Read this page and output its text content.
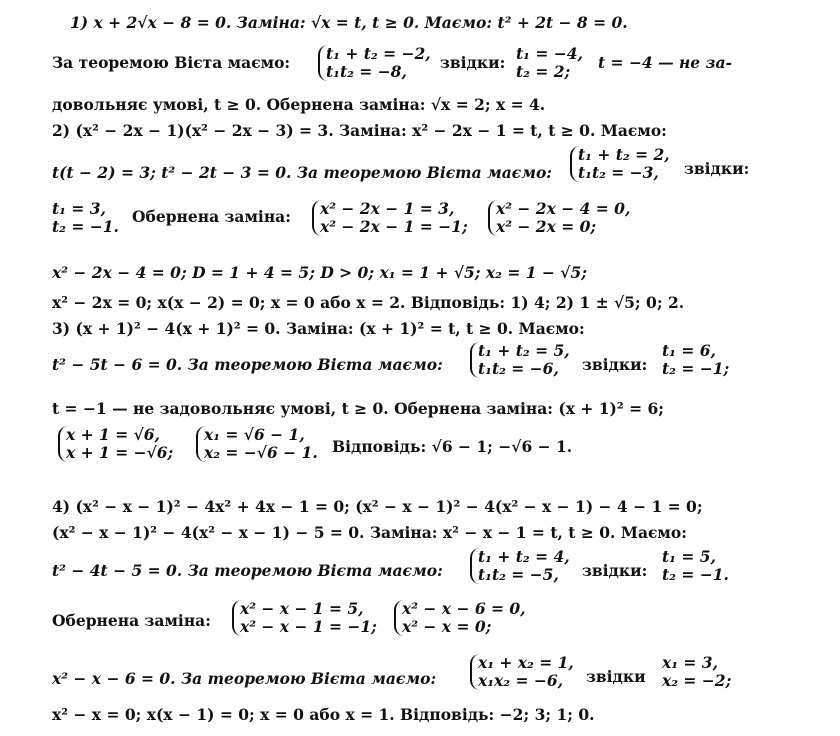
1) x + 2√x − 8 = 0. Заміна: √x = t, t ≥ 0. Маємо: t² + 2t − 8 = 0.
За теоремою Вієта маємо: t₁ + t₂ = −2,
t₁t₂ = −8,	звідки: t₁ = −4,
t₂ = 2;	t = −4 — не за-
довольняє умові, t ≥ 0. Обернена заміна: √x = 2; x = 4.
2) (x² − 2x − 1)(x² − 2x − 3) = 3. Заміна: x² − 2x − 1 = t, t ≥ 0. Маємо:
t(t − 2) = 3; t² − 2t − 3 = 0. За теоремою Вієта маємо:
t₁ + t₂ = 2,
t₁t₂ = −3,	звідки:
t₁ = 3,
t₂ = −1.
Обернена заміна: x² − 2x − 1 = 3,
x² − 2x − 1 = −1;
x² − 2x − 4 = 0,
x² − 2x = 0;
x² − 2x − 4 = 0; D = 1 + 4 = 5; D > 0; x₁ = 1 + √5; x₂ = 1 − √5;
x² − 2x = 0; x(x − 2) = 0; x = 0 або x = 2. Відповідь: 1) 4; 2) 1 ± √5; 0; 2.
3) (x + 1)² − 4(x + 1)² = 0. Заміна: (x + 1)² = t, t ≥ 0. Маємо:
t² − 5t − 6 = 0. За теоремою Вієта маємо:
t₁ + t₂ = 5,
t₁t₂ = −6,	звідки:
t₁ = 6,
t₂ = −1;
t = −1 — не задовольняє умові, t ≥ 0. Обернена заміна: (x + 1)² = 6;
x + 1 = √6,
x + 1 = −√6;
x₁ = √6 − 1,
x₂ = −√6 − 1. Відповідь: √6 − 1; −√6 − 1.
4) (x² − x − 1)² − 4x² + 4x − 1 = 0; (x² − x − 1)² − 4(x² − x − 1) − 4 − 1 = 0;
(x² − x − 1)² − 4(x² − x − 1) − 5 = 0. Заміна: x² − x − 1 = t, t ≥ 0. Маємо:
t² − 4t − 5 = 0. За теоремою Вієта маємо:
t₁ + t₂ = 4,
t₁t₂ = −5,	звідки:
t₁ = 5,
t₂ = −1.
Обернена заміна:
x² − x − 1 = 5,
x² − x − 1 = −1;
x² − x − 6 = 0,
x² − x = 0;
x² − x − 6 = 0. За теоремою Вієта маємо:
x₁ + x₂ = 1,
x₁x₂ = −6,	звідки
x₁ = 3,
x₂ = −2;
x² − x = 0; x(x − 1) = 0; x = 0 або x = 1. Відповідь: −2; 3; 1; 0.
